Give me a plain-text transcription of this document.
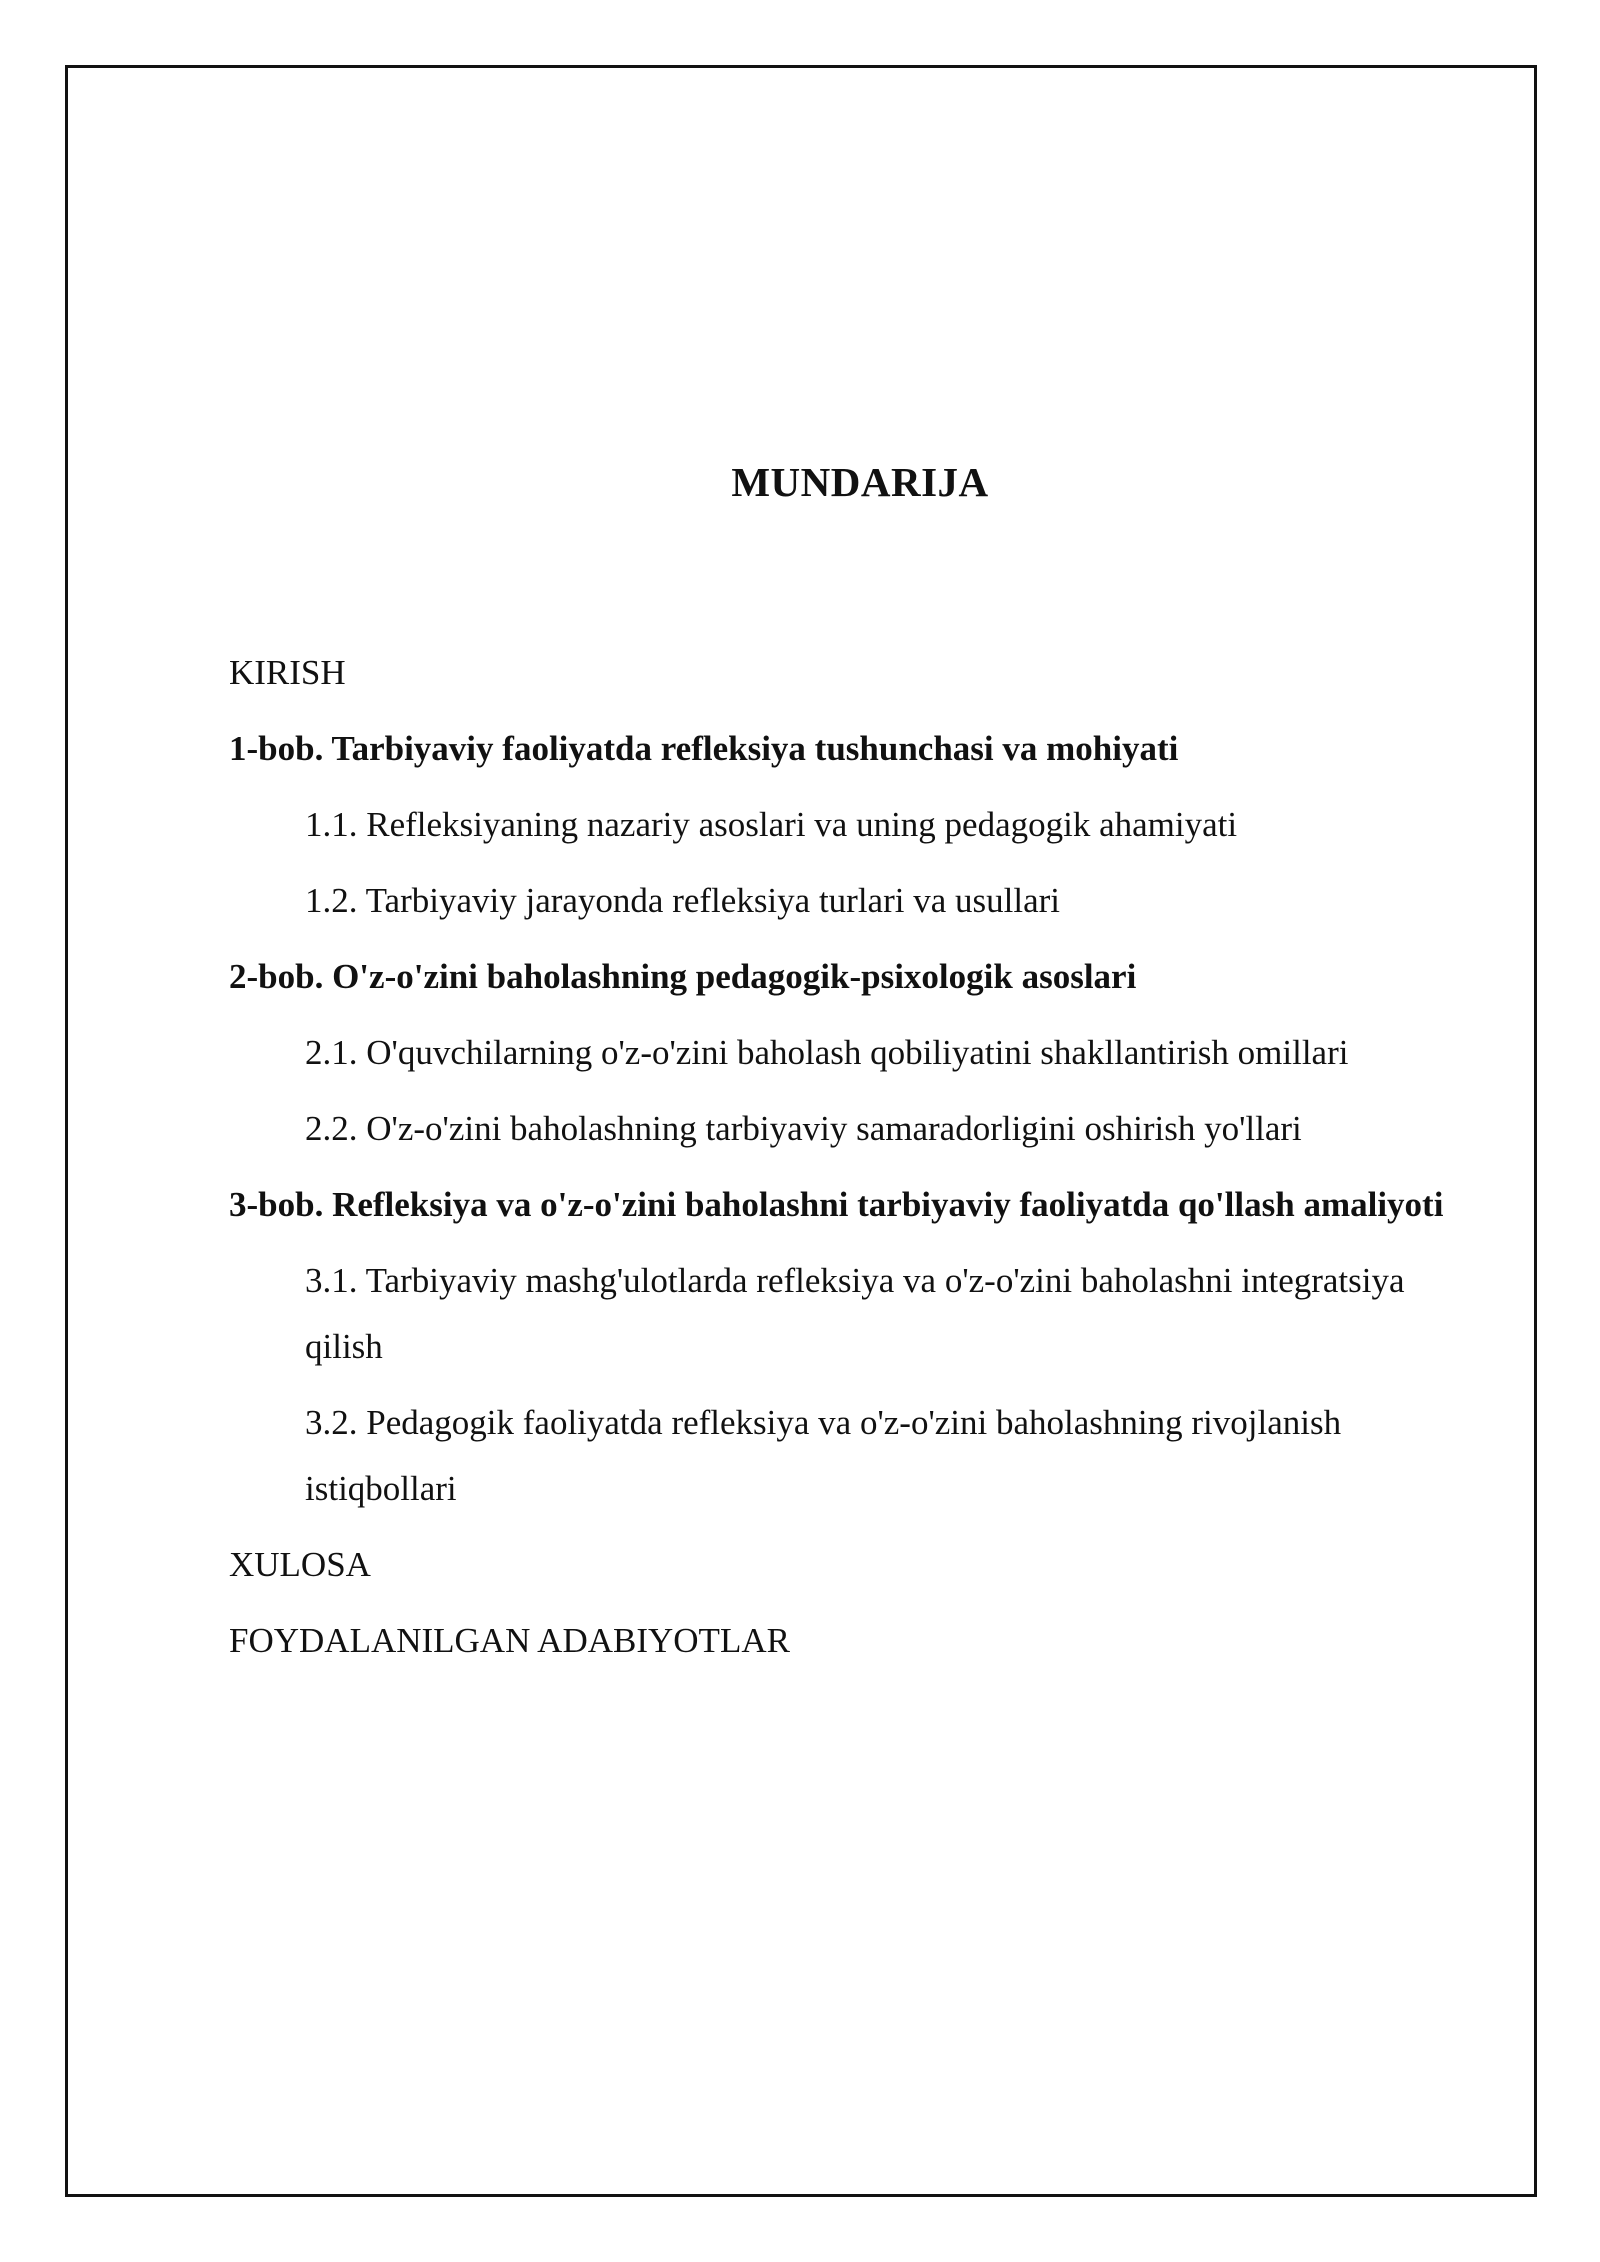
MUNDARIJA
KIRISH
1-bob. Tarbiyaviy faoliyatda refleksiya tushunchasi va mohiyati
1.1. Refleksiyaning nazariy asoslari va uning pedagogik ahamiyati
1.2. Tarbiyaviy jarayonda refleksiya turlari va usullari
2-bob. O'z-o'zini baholashning pedagogik-psixologik asoslari
2.1. O'quvchilarning o'z-o'zini baholash qobiliyatini shakllantirish omillari
2.2. O'z-o'zini baholashning tarbiyaviy samaradorligini oshirish yo'llari
3-bob. Refleksiya va o'z-o'zini baholashni tarbiyaviy faoliyatda qo'llash amaliyoti
3.1. Tarbiyaviy mashg'ulotlarda refleksiya va o'z-o'zini baholashni integratsiya qilish
3.2. Pedagogik faoliyatda refleksiya va o'z-o'zini baholashning rivojlanish istiqbollari
XULOSA
FOYDALANILGAN ADABIYOTLAR
